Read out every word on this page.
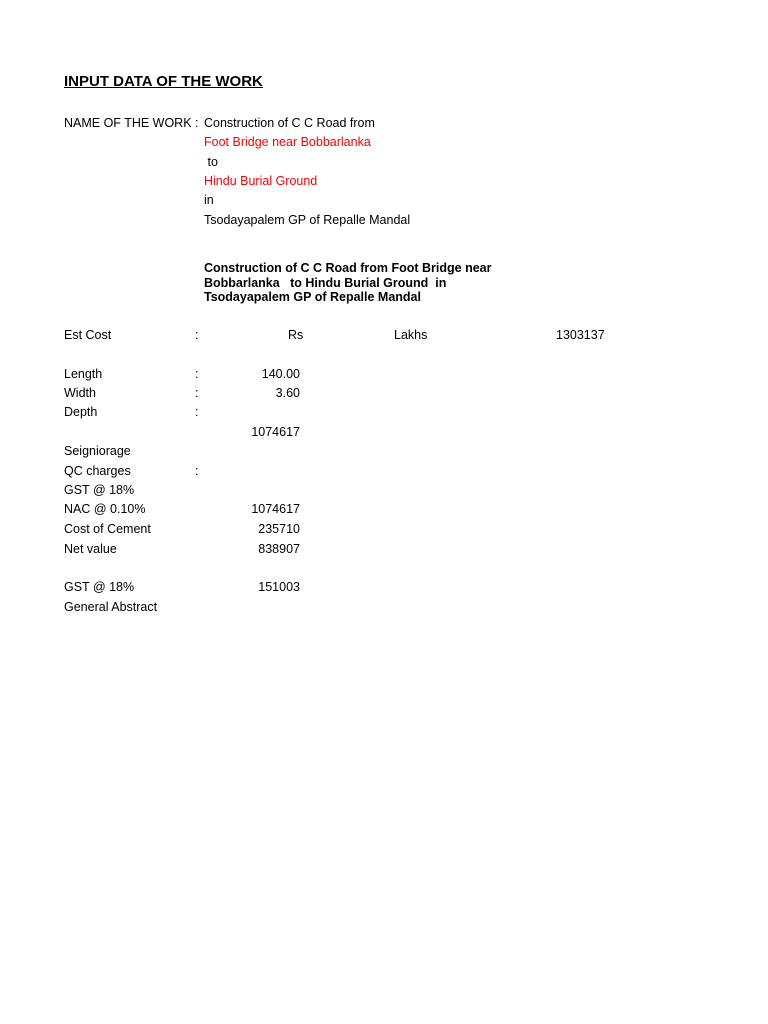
INPUT DATA OF THE WORK
NAME OF THE WORK : Construction of C C Road from
Foot Bridge near Bobbarlanka
to
Hindu Burial Ground
in
Tsodayapalem GP of Repalle Mandal
Construction of C C Road from Foot Bridge near Bobbarlanka   to Hindu Burial Ground  in Tsodayapalem GP of Repalle Mandal
Est Cost	:	Rs	Lakhs	1303137
Length	:	140.00
Width	:	3.60
Depth	:
1074617
Seigniorage
QC charges	:
GST @ 18%
NAC @ 0.10%	1074617
Cost of Cement	235710
Net value	838907
GST @ 18%	151003
General Abstract
